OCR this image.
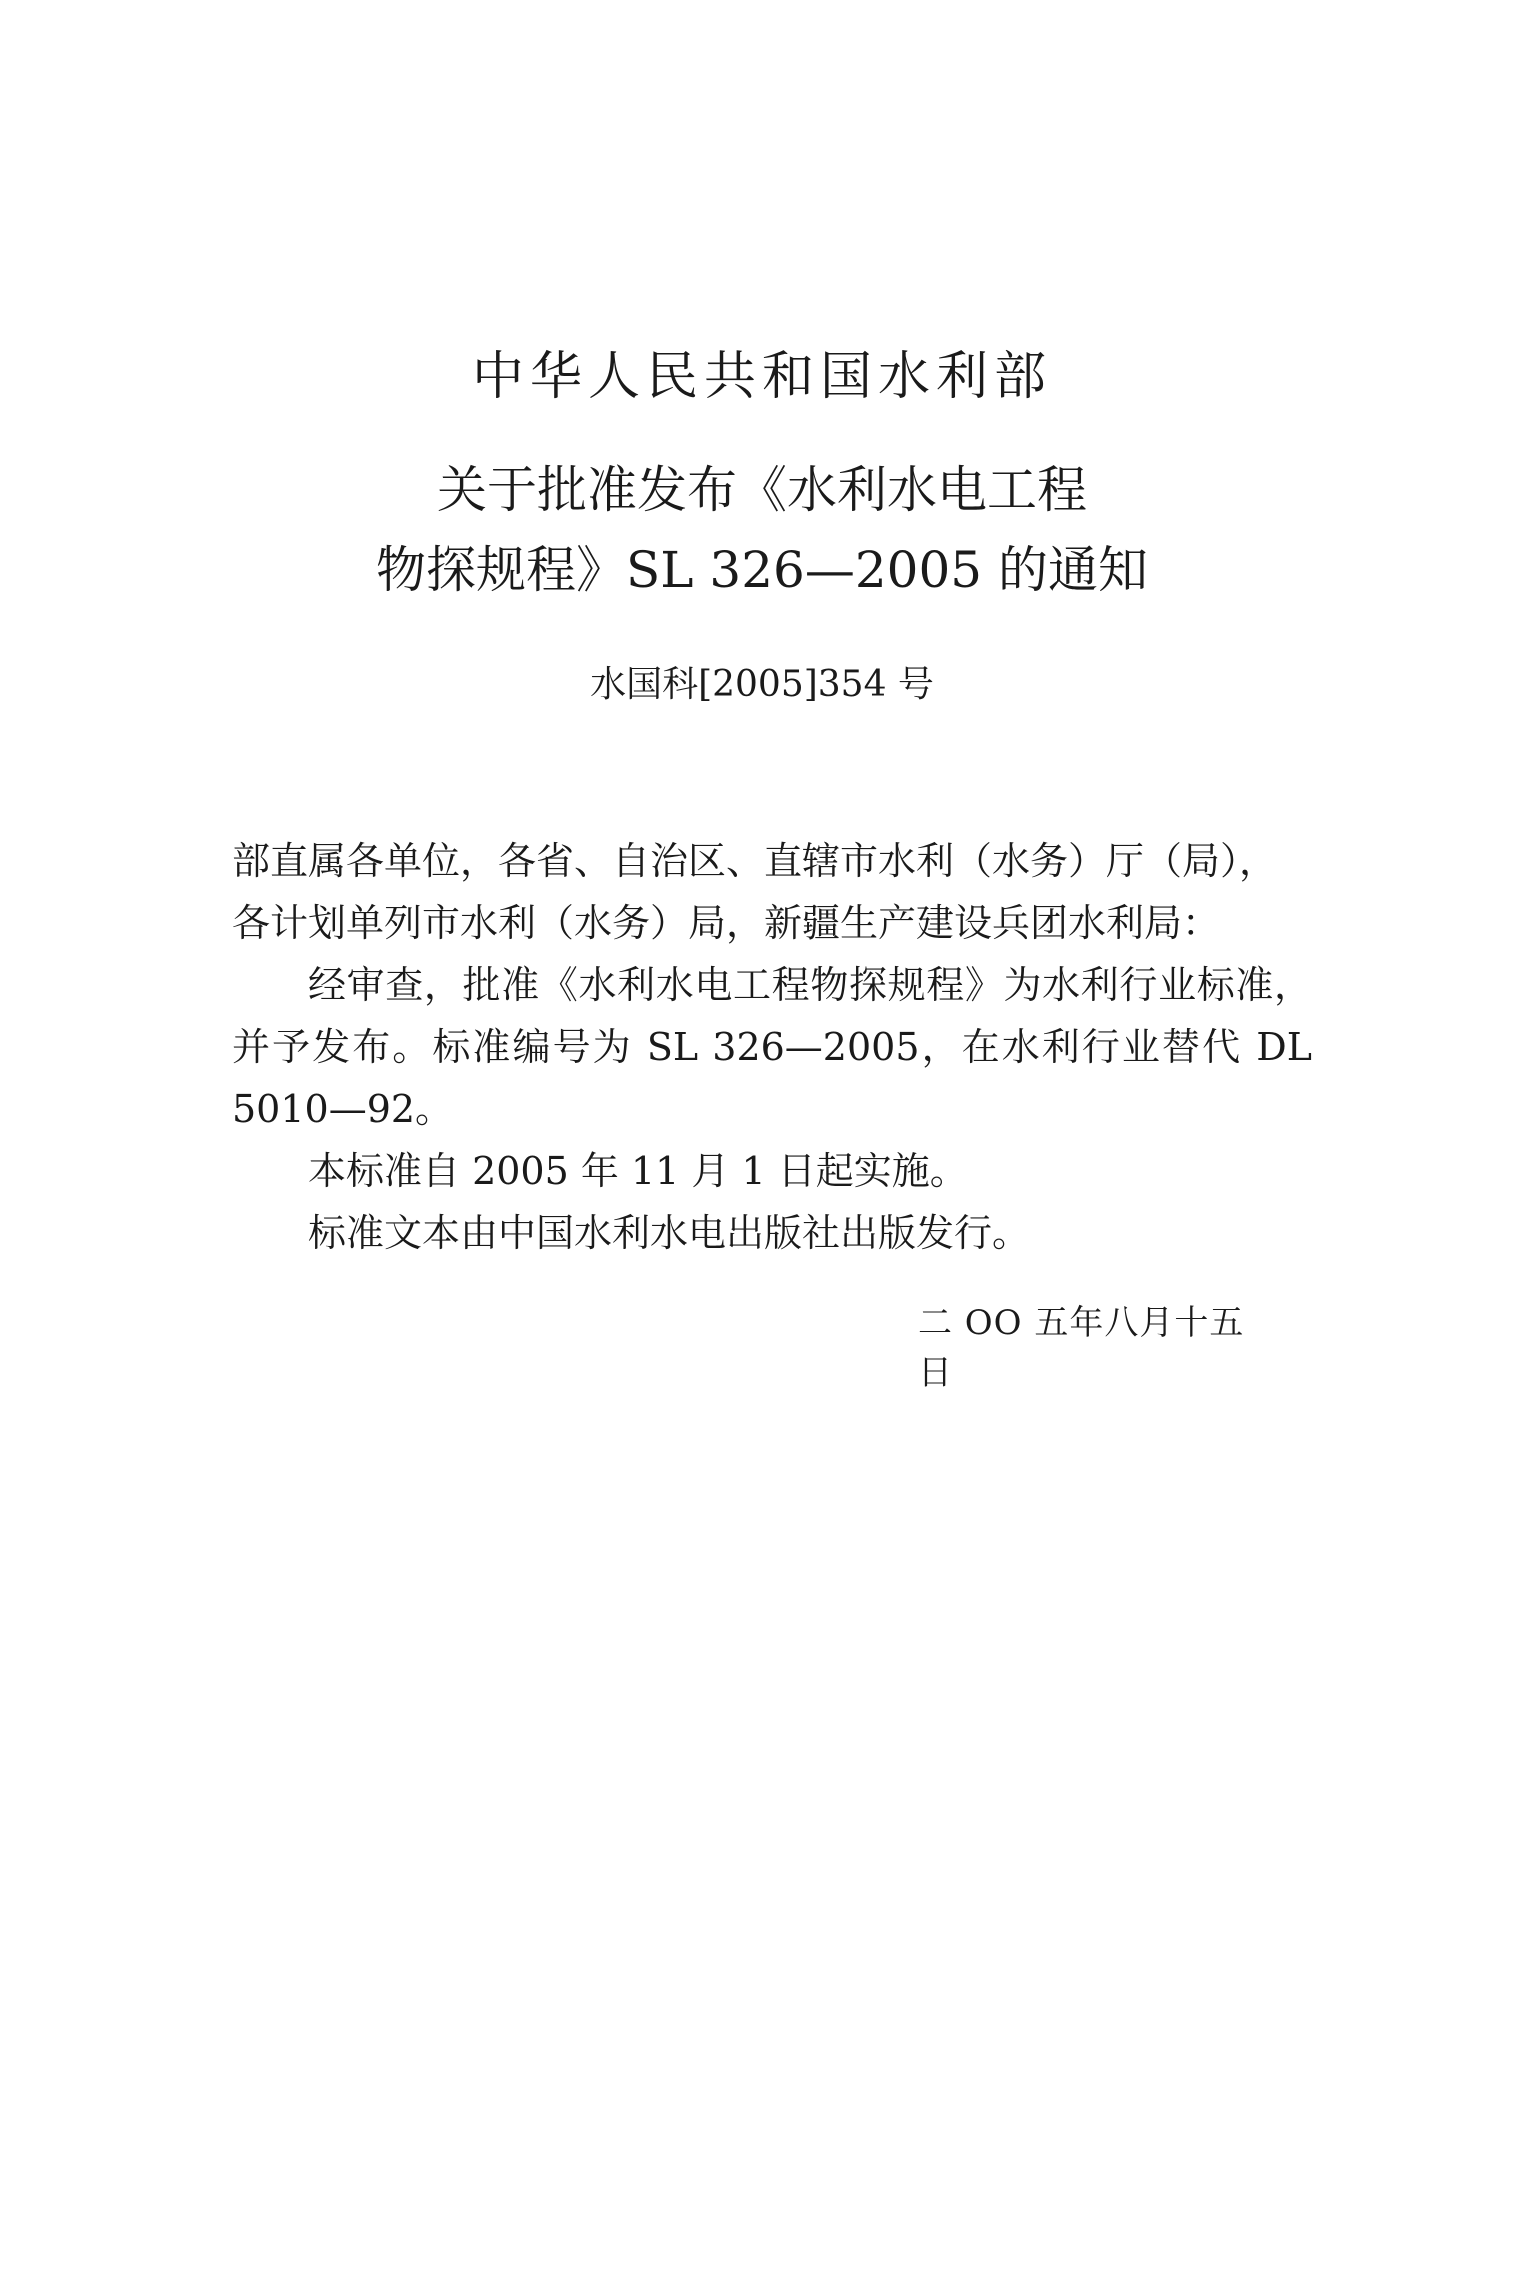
中华人民共和国水利部
关于批准发布《水利水电工程
物探规程》SL 326—2005 的通知
水国科[2005]354 号

部直属各单位，各省、自治区、直辖市水利（水务）厅（局），

各计划单列市水利（水务）局，新疆生产建设兵团水利局：

经审查，批准《水利水电工程物探规程》为水利行业标准，并予发布。标准编号为 SL 326—2005，在水利行业替代 DL 5010—92。

本标准自 2005 年 11 月 1 日起实施。

标准文本由中国水利水电出版社出版发行。

二 OO 五年八月十五日
